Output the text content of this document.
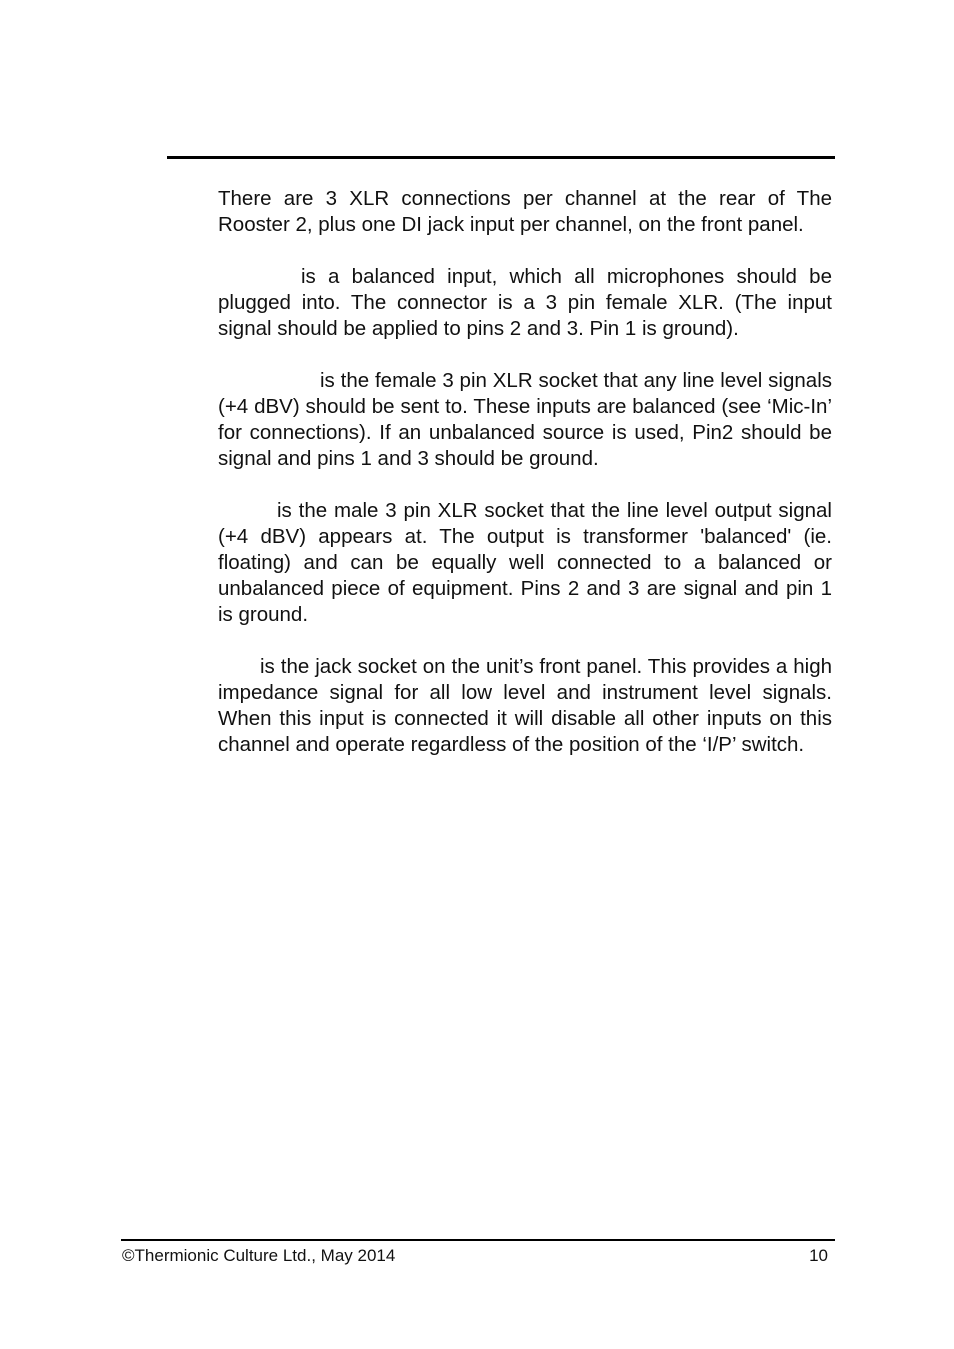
There are 3 XLR connections per channel at the rear of The Rooster 2, plus one DI jack input per channel, on the front panel.

is a balanced input, which all microphones should be plugged into. The connector is a 3 pin female XLR. (The input signal should be applied to pins 2 and 3. Pin 1 is ground).

is the female 3 pin XLR socket that any line level signals (+4 dBV) should be sent to. These inputs are balanced (see ‘Mic-In’ for connections). If an unbalanced source is used, Pin2 should be signal and pins 1 and 3 should be ground.

is the male 3 pin XLR socket that the line level output signal (+4 dBV) appears at. The output is transformer 'balanced' (ie. floating) and can be equally well connected to a balanced or unbalanced piece of equipment. Pins 2 and 3 are signal and pin 1 is ground.

is the jack socket on the unit’s front panel. This provides a high impedance signal for all low level and instrument level signals. When this input is connected it will disable all other inputs on this channel and operate regardless of the position of the ‘I/P’ switch.

©Thermionic Culture Ltd., May 2014	10
